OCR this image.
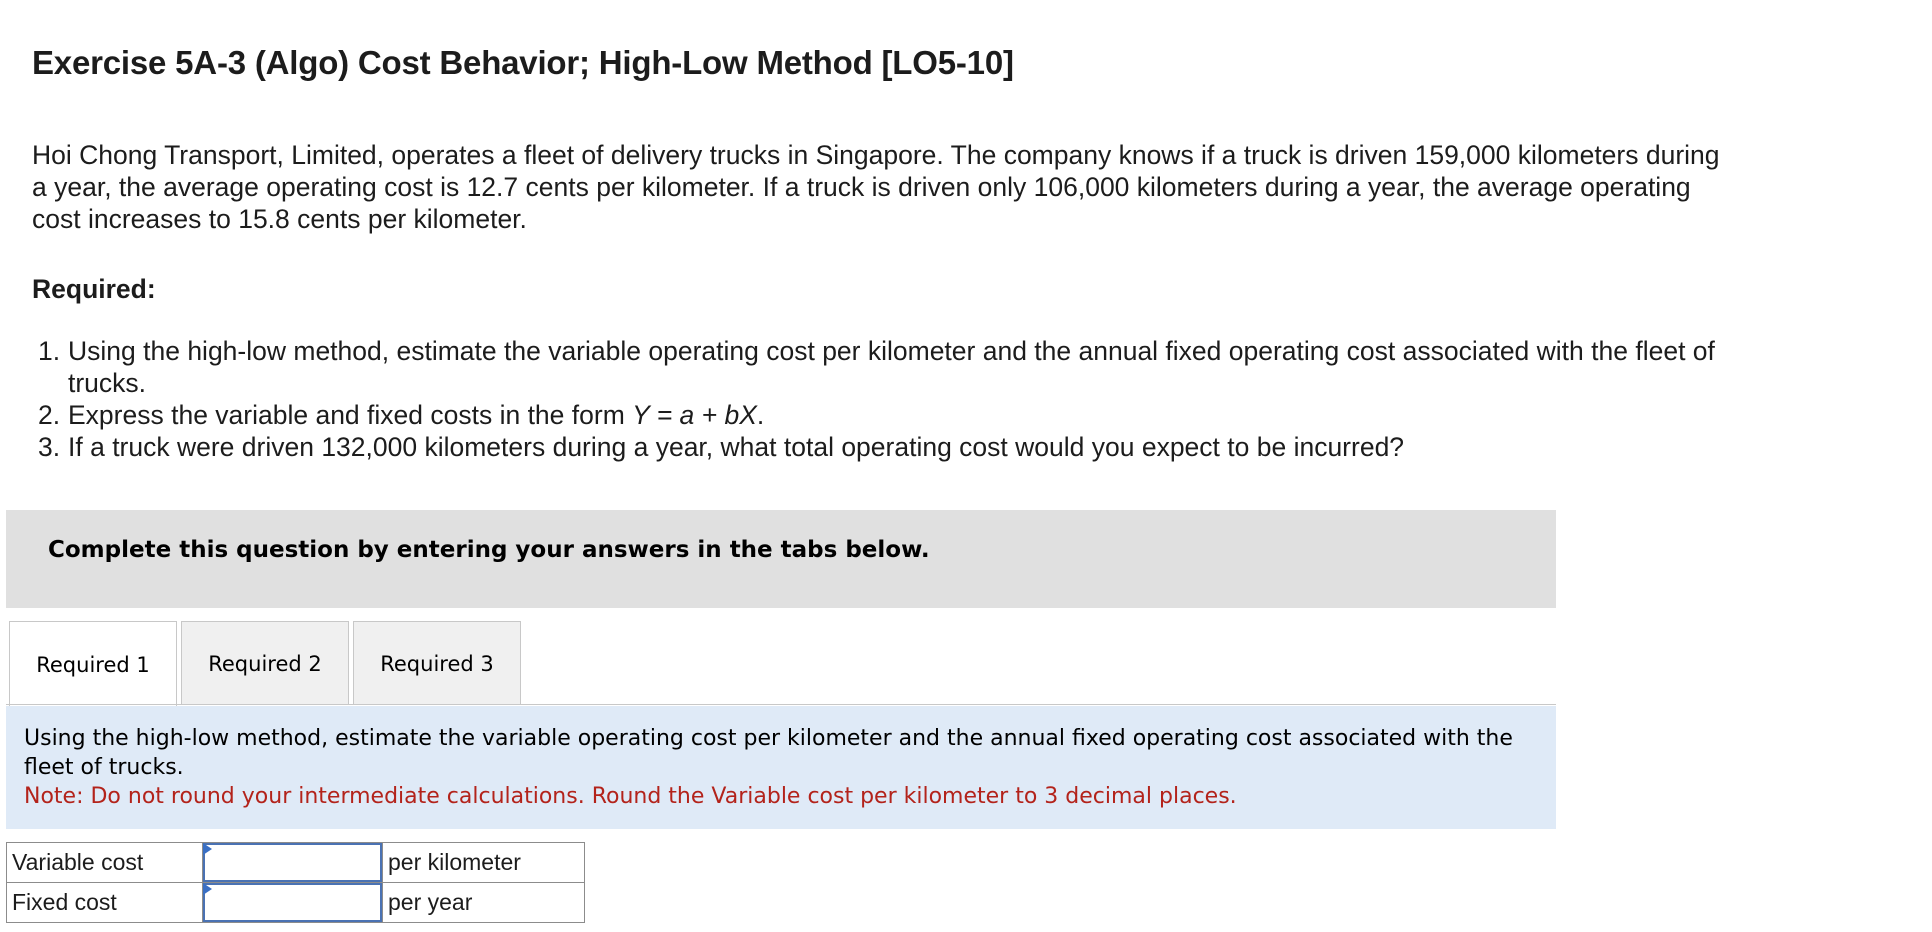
Exercise 5A-3 (Algo) Cost Behavior; High-Low Method [LO5-10]

Hoi Chong Transport, Limited, operates a fleet of delivery trucks in Singapore. The company knows if a truck is driven 159,000 kilometers during a year, the average operating cost is 12.7 cents per kilometer. If a truck is driven only 106,000 kilometers during a year, the average operating cost increases to 15.8 cents per kilometer.

Required:

1. Using the high-low method, estimate the variable operating cost per kilometer and the annual fixed operating cost associated with the fleet of trucks.
2. Express the variable and fixed costs in the form Y = a + bX.
3. If a truck were driven 132,000 kilometers during a year, what total operating cost would you expect to be incurred?
Complete this question by entering your answers in the tabs below.
Required 1	Required 2	Required 3
Using the high-low method, estimate the variable operating cost per kilometer and the annual fixed operating cost associated with the fleet of trucks.
Note: Do not round your intermediate calculations. Round the Variable cost per kilometer to 3 decimal places.
Variable cost		per kilometer
Fixed cost		per year
